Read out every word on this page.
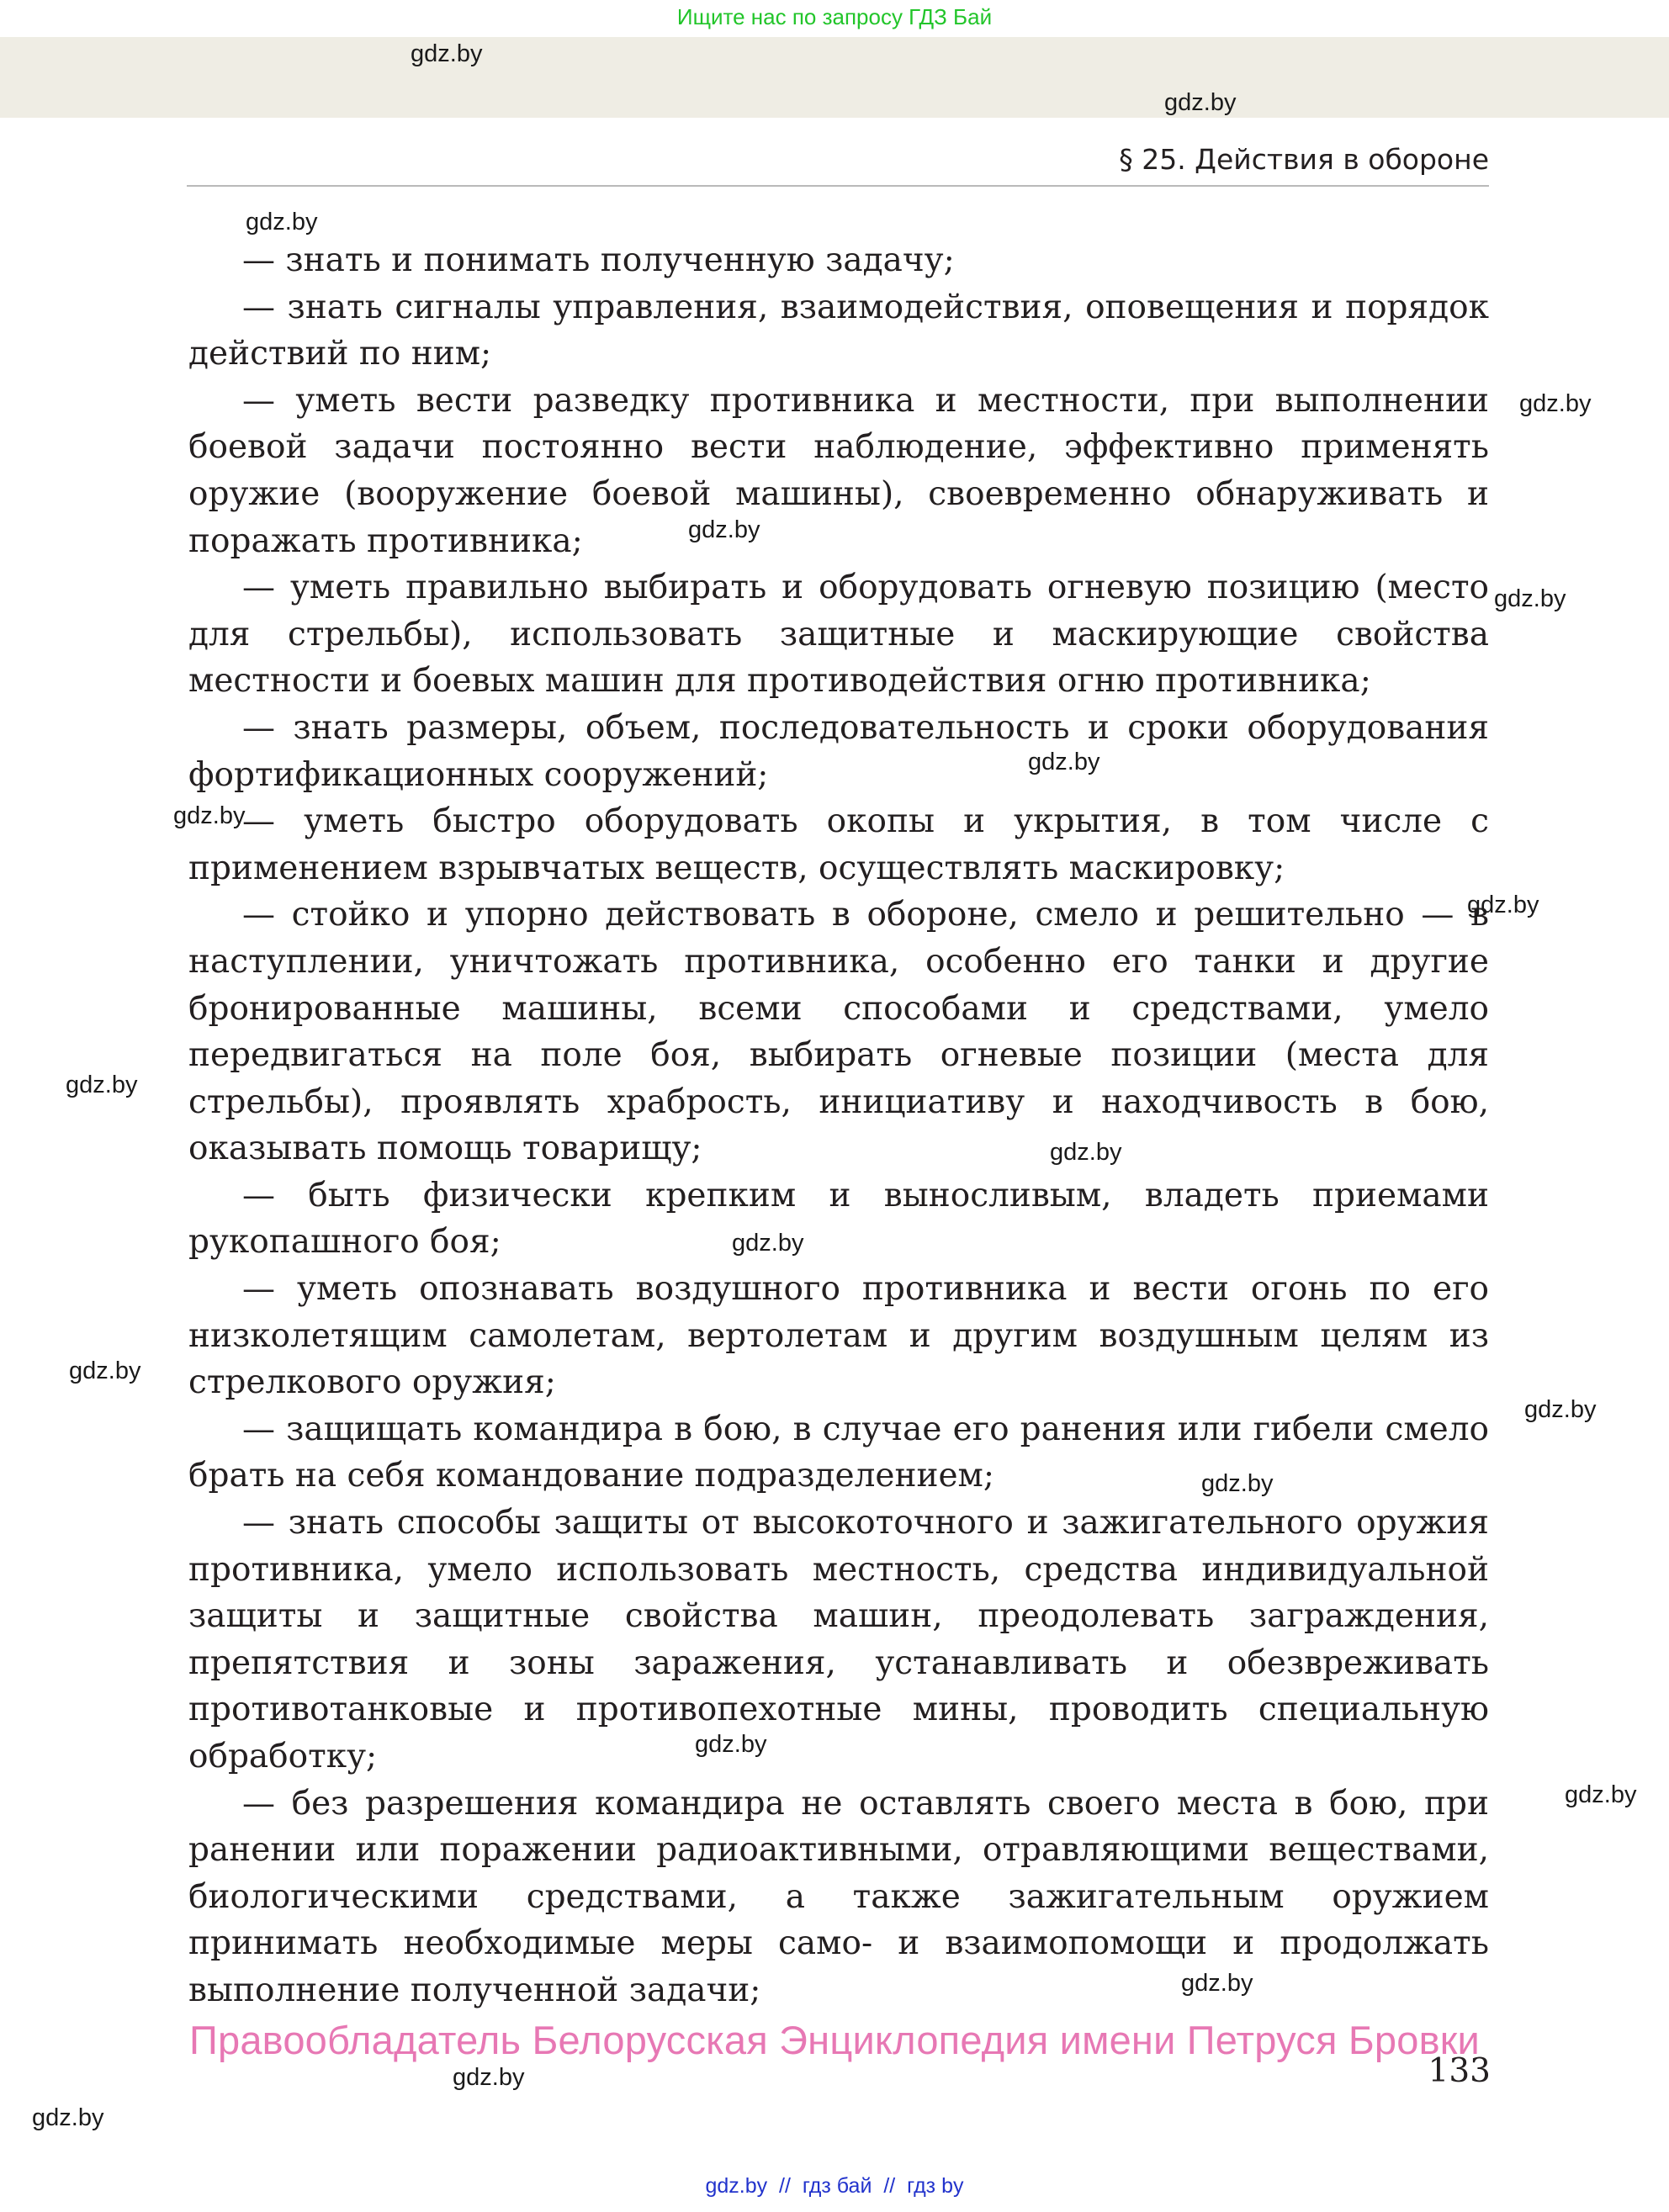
Ищите нас по запросу ГДЗ Бай
§ 25. Действия в обороне

— знать и понимать полученную задачу;

— знать сигналы управления, взаимодействия, оповещения и порядок действий по ним;

— уметь вести разведку противника и местности, при выполнении боевой задачи постоянно вести наблюдение, эффективно применять оружие (вооружение боевой машины), своевременно обнаруживать и поражать противника;

— уметь правильно выбирать и оборудовать огневую позицию (место для стрельбы), использовать защитные и маскирующие свойства местности и боевых машин для противодействия огню противника;

— знать размеры, объем, последовательность и сроки оборудования фортификационных сооружений;

— уметь быстро оборудовать окопы и укрытия, в том числе с применением взрывчатых веществ, осуществлять маскировку;

— стойко и упорно действовать в обороне, смело и решительно — в наступлении, уничтожать противника, особенно его танки и другие бронированные машины, всеми способами и средствами, умело передвигаться на поле боя, выбирать огневые позиции (места для стрельбы), проявлять храбрость, инициативу и находчивость в бою, оказывать помощь товарищу;

— быть физически крепким и выносливым, владеть приемами рукопашного боя;

— уметь опознавать воздушного противника и вести огонь по его низколетящим самолетам, вертолетам и другим воздушным целям из стрелкового оружия;

— защищать командира в бою, в случае его ранения или гибели смело брать на себя командование подразделением;

— знать способы защиты от высокоточного и зажигательного оружия противника, умело использовать местность, средства индивидуальной защиты и защитные свойства машин, преодолевать заграждения, препятствия и зоны заражения, устанавливать и обезвреживать противотанковые и противопехотные мины, проводить специальную обработку;

— без разрешения командира не оставлять своего места в бою, при ранении или поражении радиоактивными, отравляющими веществами, биологическими средствами, а также зажигательным оружием принимать необходимые меры само- и взаимопомощи и продолжать выполнение полученной задачи;

gdz.by
gdz.by
gdz.by
gdz.by
gdz.by
gdz.by
gdz.by
gdz.by
gdz.by
gdz.by
gdz.by
gdz.by
gdz.by
gdz.by
gdz.by
gdz.by
gdz.by
gdz.by
gdz.by
gdz.by
Правообладатель Белорусская Энциклопедия имени Петруся Бровки
133
gdz.by  //  гдз бай  //  гдз by
